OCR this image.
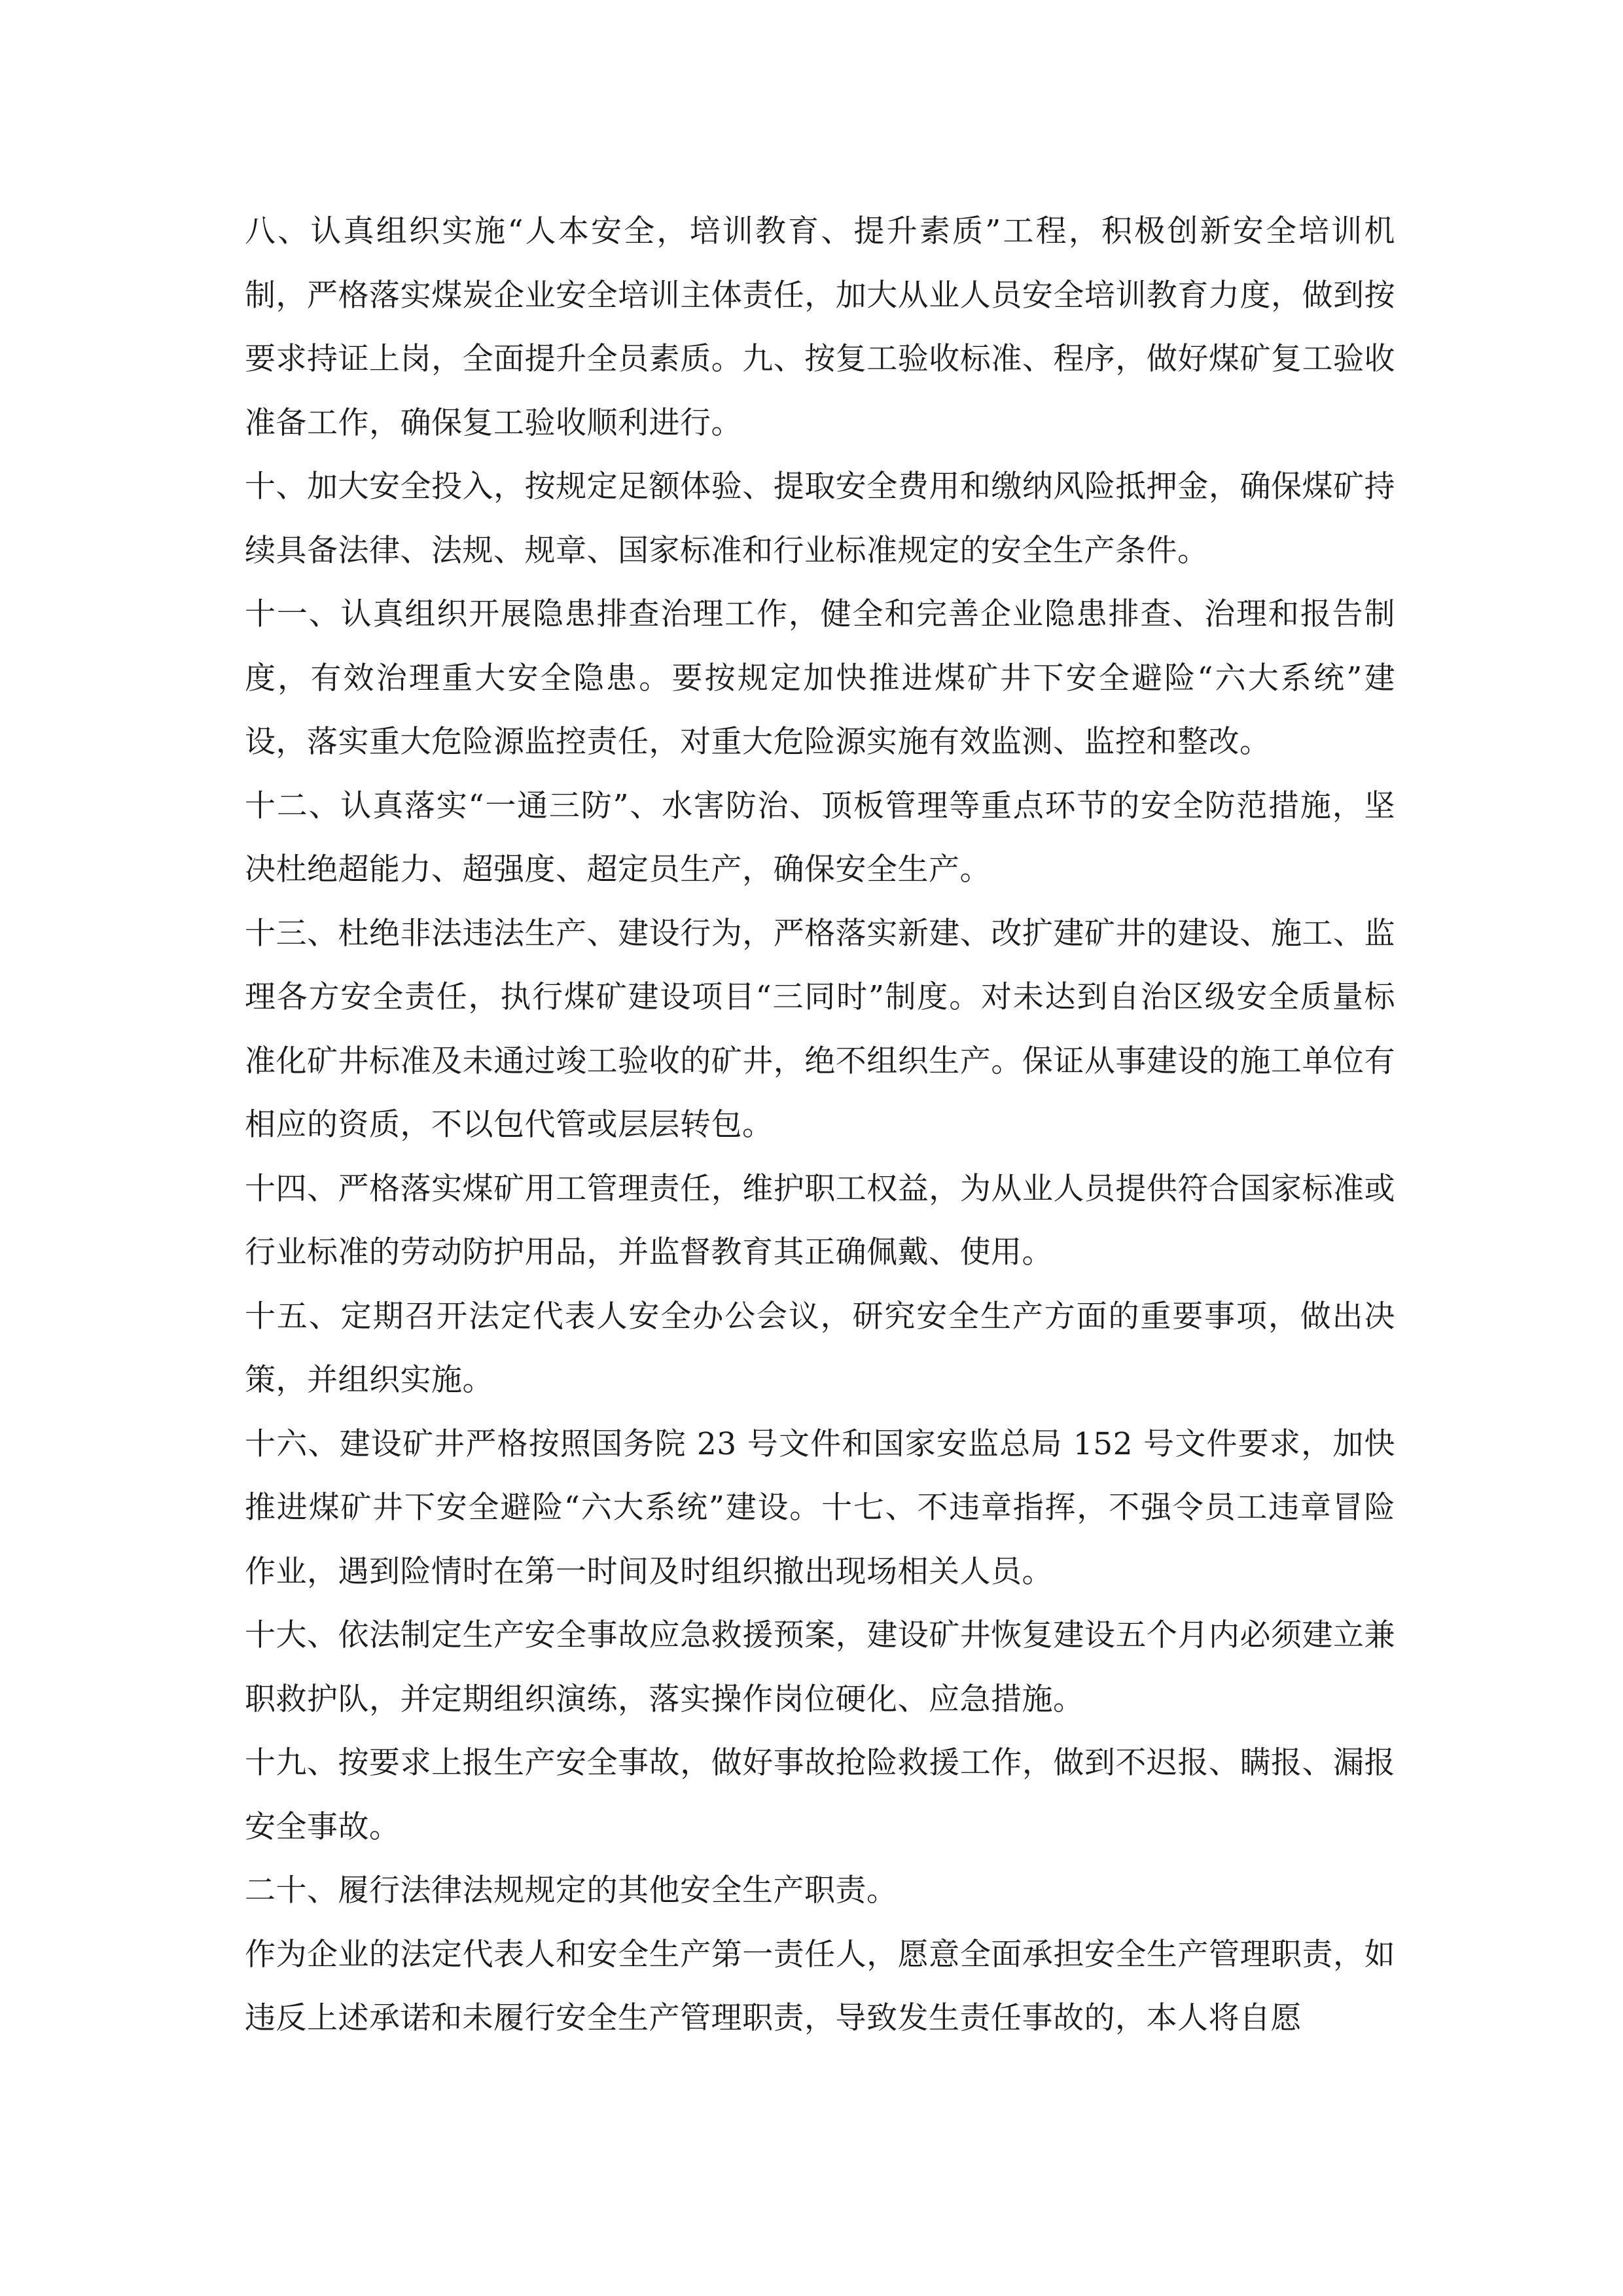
八、认真组织实施“人本安全，培训教育、提升素质”工程，积极创新安全培训机制，严格落实煤炭企业安全培训主体责任，加大从业人员安全培训教育力度，做到按要求持证上岗，全面提升全员素质。九、按复工验收标准、程序，做好煤矿复工验收准备工作，确保复工验收顺利进行。

十、加大安全投入，按规定足额体验、提取安全费用和缴纳风险抵押金，确保煤矿持续具备法律、法规、规章、国家标准和行业标准规定的安全生产条件。

十一、认真组织开展隐患排查治理工作，健全和完善企业隐患排查、治理和报告制度，有效治理重大安全隐患。要按规定加快推进煤矿井下安全避险“六大系统”建设，落实重大危险源监控责任，对重大危险源实施有效监测、监控和整改。

十二、认真落实“一通三防”、水害防治、顶板管理等重点环节的安全防范措施，坚决杜绝超能力、超强度、超定员生产，确保安全生产。

十三、杜绝非法违法生产、建设行为，严格落实新建、改扩建矿井的建设、施工、监理各方安全责任，执行煤矿建设项目“三同时”制度。对未达到自治区级安全质量标准化矿井标准及未通过竣工验收的矿井，绝不组织生产。保证从事建设的施工单位有相应的资质，不以包代管或层层转包。

十四、严格落实煤矿用工管理责任，维护职工权益，为从业人员提供符合国家标准或行业标准的劳动防护用品，并监督教育其正确佩戴、使用。

十五、定期召开法定代表人安全办公会议，研究安全生产方面的重要事项，做出决策，并组织实施。

十六、建设矿井严格按照国务院 23 号文件和国家安监总局 152 号文件要求，加快推进煤矿井下安全避险“六大系统”建设。十七、不违章指挥，不强令员工违章冒险作业，遇到险情时在第一时间及时组织撤出现场相关人员。

十大、依法制定生产安全事故应急救援预案，建设矿井恢复建设五个月内必须建立兼职救护队，并定期组织演练，落实操作岗位硬化、应急措施。

十九、按要求上报生产安全事故，做好事故抢险救援工作，做到不迟报、瞒报、漏报安全事故。

二十、履行法律法规规定的其他安全生产职责。

作为企业的法定代表人和安全生产第一责任人，愿意全面承担安全生产管理职责，如违反上述承诺和未履行安全生产管理职责，导致发生责任事故的，本人将自愿
